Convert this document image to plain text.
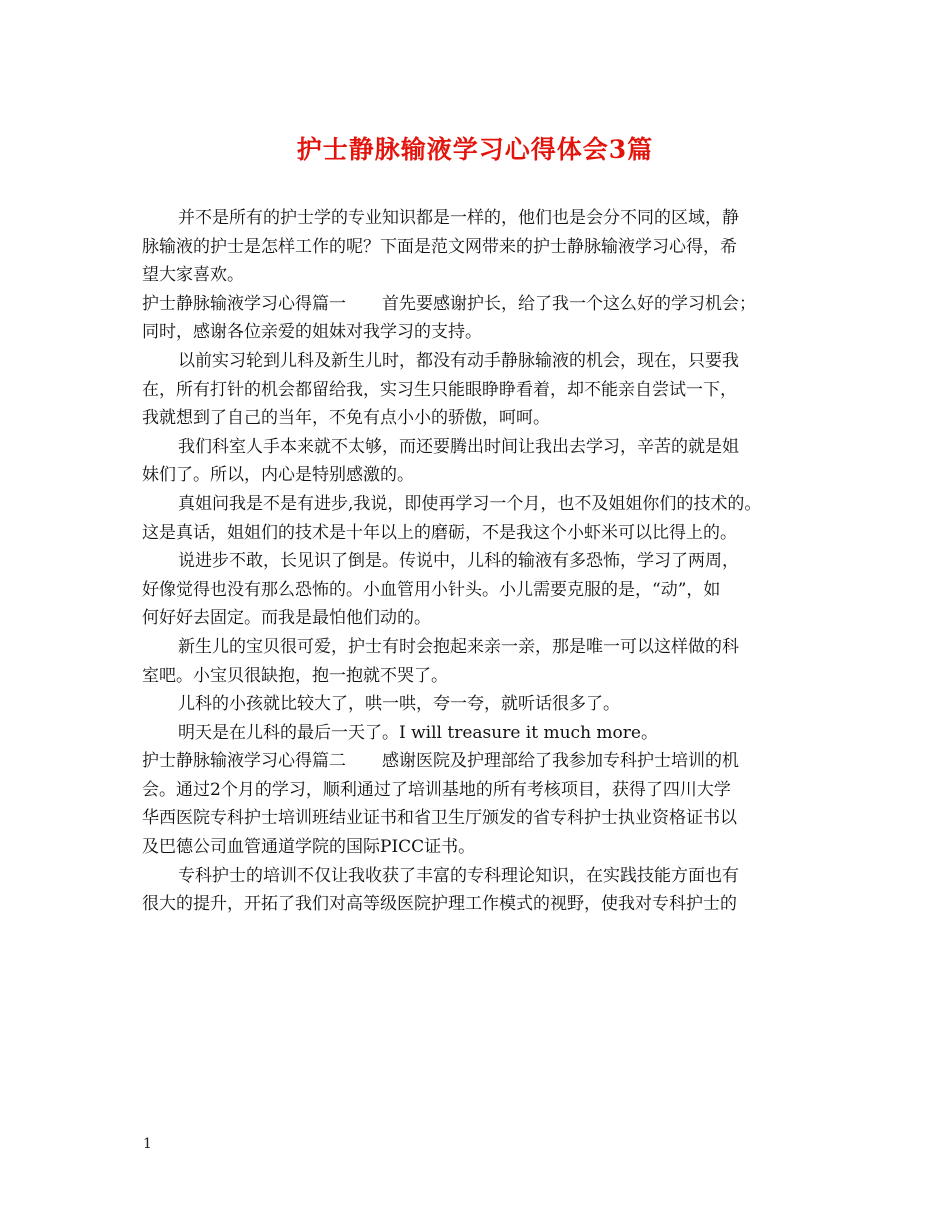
护士静脉输液学习心得体会3篇
并不是所有的护士学的专业知识都是一样的，他们也是会分不同的区域，静
脉输液的护士是怎样工作的呢？下面是范文网带来的护士静脉输液学习心得，希
望大家喜欢。
护士静脉输液学习心得篇一 首先要感谢护长，给了我一个这么好的学习机会；
同时，感谢各位亲爱的姐妹对我学习的支持。
以前实习轮到儿科及新生儿时，都没有动手静脉输液的机会，现在，只要我
在，所有打针的机会都留给我，实习生只能眼睁睁看着，却不能亲自尝试一下，
我就想到了自己的当年，不免有点小小的骄傲，呵呵。
我们科室人手本来就不太够，而还要腾出时间让我出去学习，辛苦的就是姐
妹们了。所以，内心是特别感激的。
真姐问我是不是有进步,我说，即使再学习一个月，也不及姐姐你们的技术的。
这是真话，姐姐们的技术是十年以上的磨砺，不是我这个小虾米可以比得上的。
说进步不敢，长见识了倒是。传说中，儿科的输液有多恐怖，学习了两周，
好像觉得也没有那么恐怖的。小血管用小针头。小儿需要克服的是，“动”，如
何好好去固定。而我是最怕他们动的。
新生儿的宝贝很可爱，护士有时会抱起来亲一亲，那是唯一可以这样做的科
室吧。小宝贝很缺抱，抱一抱就不哭了。
儿科的小孩就比较大了，哄一哄，夸一夸，就听话很多了。
明天是在儿科的最后一天了。I will treasure it much more。
护士静脉输液学习心得篇二 感谢医院及护理部给了我参加专科护士培训的机
会。通过2个月的学习，顺利通过了培训基地的所有考核项目，获得了四川大学
华西医院专科护士培训班结业证书和省卫生厅颁发的省专科护士执业资格证书以
及巴德公司血管通道学院的国际PICC证书。
专科护士的培训不仅让我收获了丰富的专科理论知识，在实践技能方面也有
很大的提升，开拓了我们对高等级医院护理工作模式的视野，使我对专科护士的
1
